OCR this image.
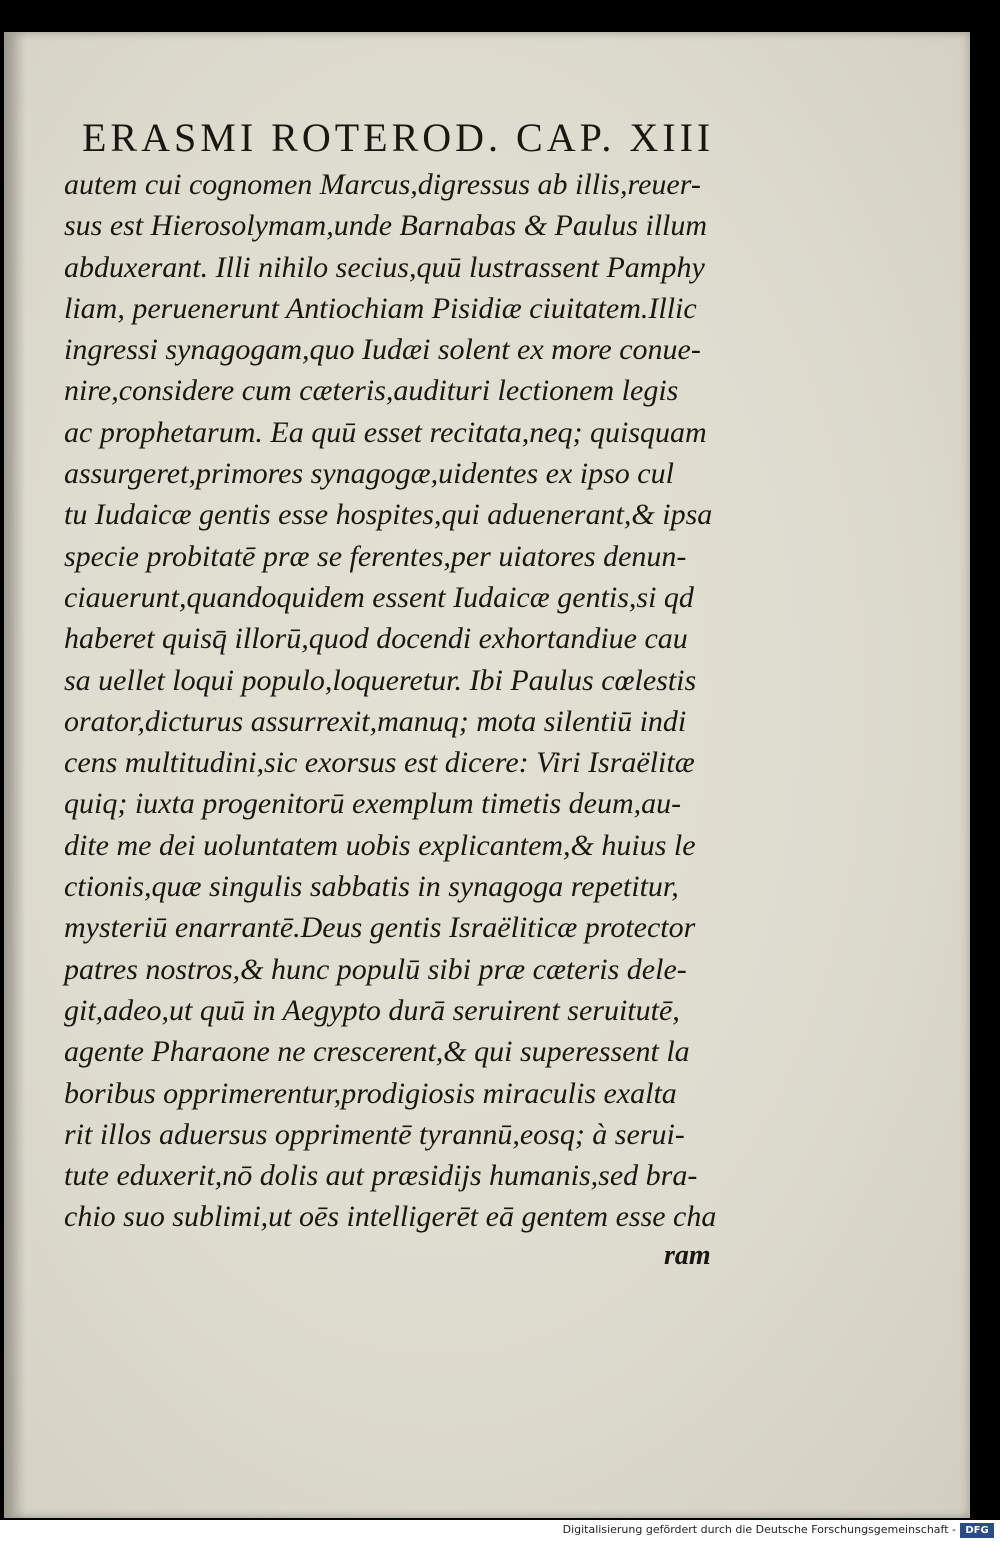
ERASMI ROTEROD. CAP. XIII
autem cui cognomen Marcus,digressus ab illis,reuer-
sus est Hierosolymam,unde Barnabas & Paulus illum
abduxerant. Illi nihilo secius,quū lustrassent Pamphy
liam, peruenerunt Antiochiam Pisidiæ ciuitatem.Illic
ingressi synagogam,quo Iudæi solent ex more conue-
nire,considere cum cæteris,audituri lectionem legis
ac prophetarum. Ea quū esset recitata,neq; quisquam
assurgeret,primores synagogæ,uidentes ex ipso cul
tu Iudaicæ gentis esse hospites,qui aduenerant,& ipsa
specie probitatē præ se ferentes,per uiatores denun-
ciauerunt,quandoquidem essent Iudaicæ gentis,si qd
haberet quisq̄ illorū,quod docendi exhortandiue cau
sa uellet loqui populo,loqueretur. Ibi Paulus cœlestis
orator,dicturus assurrexit,manuq; mota silentiū indi
cens multitudini,sic exorsus est dicere: Viri Israëlitæ
quiq; iuxta progenitorū exemplum timetis deum,au-
dite me dei uoluntatem uobis explicantem,& huius le
ctionis,quæ singulis sabbatis in synagoga repetitur,
mysteriū enarrantē.Deus gentis Israëliticæ protector
patres nostros,& hunc populū sibi præ cæteris dele-
git,adeo,ut quū in Aegypto durā seruirent seruitutē,
agente Pharaone ne crescerent,& qui superessent la
boribus opprimerentur,prodigiosis miraculis exalta
rit illos aduersus opprimentē tyrannū,eosq; à serui-
tute eduxerit,nō dolis aut præsidijs humanis,sed bra-
chio suo sublimi,ut oēs intelligerēt eā gentem esse cha
ram
Digitalisierung gefördert durch die Deutsche Forschungsgemeinschaft - DFG
